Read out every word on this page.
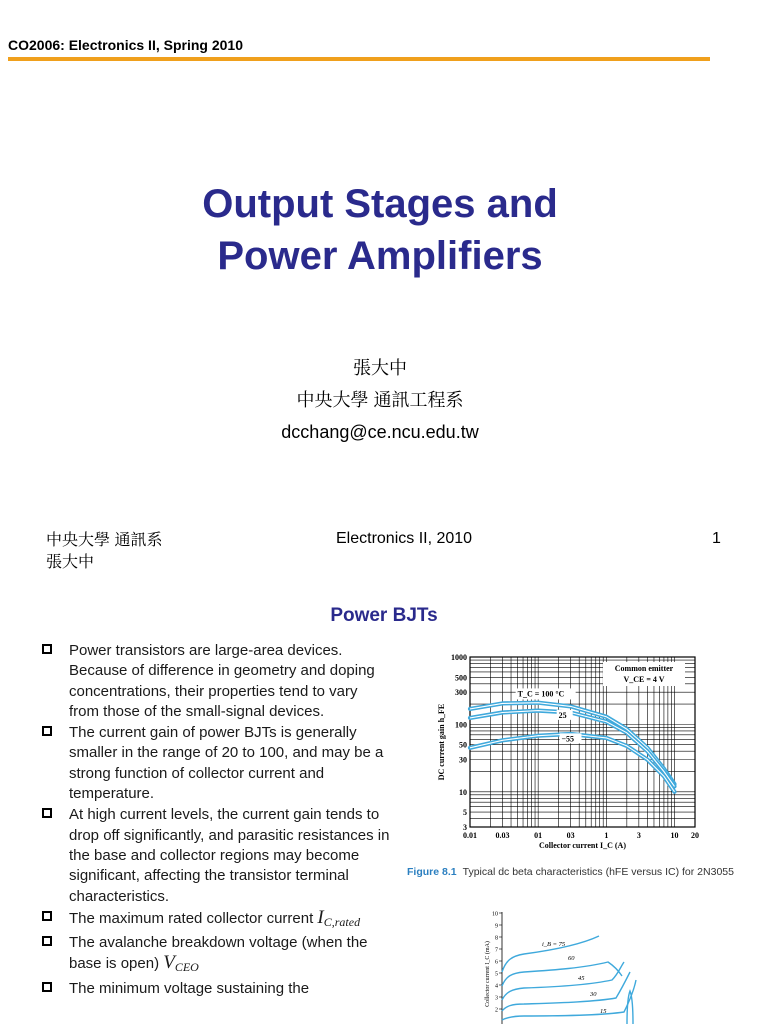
CO2006: Electronics II, Spring 2010
Output Stages and
Power Amplifiers
張大中
中央大學 通訊工程系
dcchang@ce.ncu.edu.tw
中央大學 通訊系
張大中
Electronics II, 2010	1
Power BJTs
Power transistors are large-area devices. Because of difference in geometry and doping concentrations, their properties tend to vary from those of the small-signal devices.
The current gain of power BJTs is generally smaller in the range of 20 to 100, and may be a strong function of collector current and temperature.
At high current levels, the current gain tends to drop off significantly, and parasitic resistances in the base and collector regions may become significant, affecting the transistor terminal characteristics.
The maximum rated collector current $I_{C,rated}$
The avalanche breakdown voltage (when the base is open) $V_{CEO}$
The minimum voltage sustaining the
0.01 0.03	01	03	1	3	10 20
1000
500
300
100
50
30
10
5
3
Collector current I_C (A)
DC current gain h_FE
Common emitter
V_CE = 4 V
T_C = 100 °C
25
−55
Figure 8.1 Typical dc beta characteristics (hFE versus IC) for 2N3055
10
9
8
7
6
5
4
3
2
Collector current I_C (mA)	i_B = 75
60
45
30
15
